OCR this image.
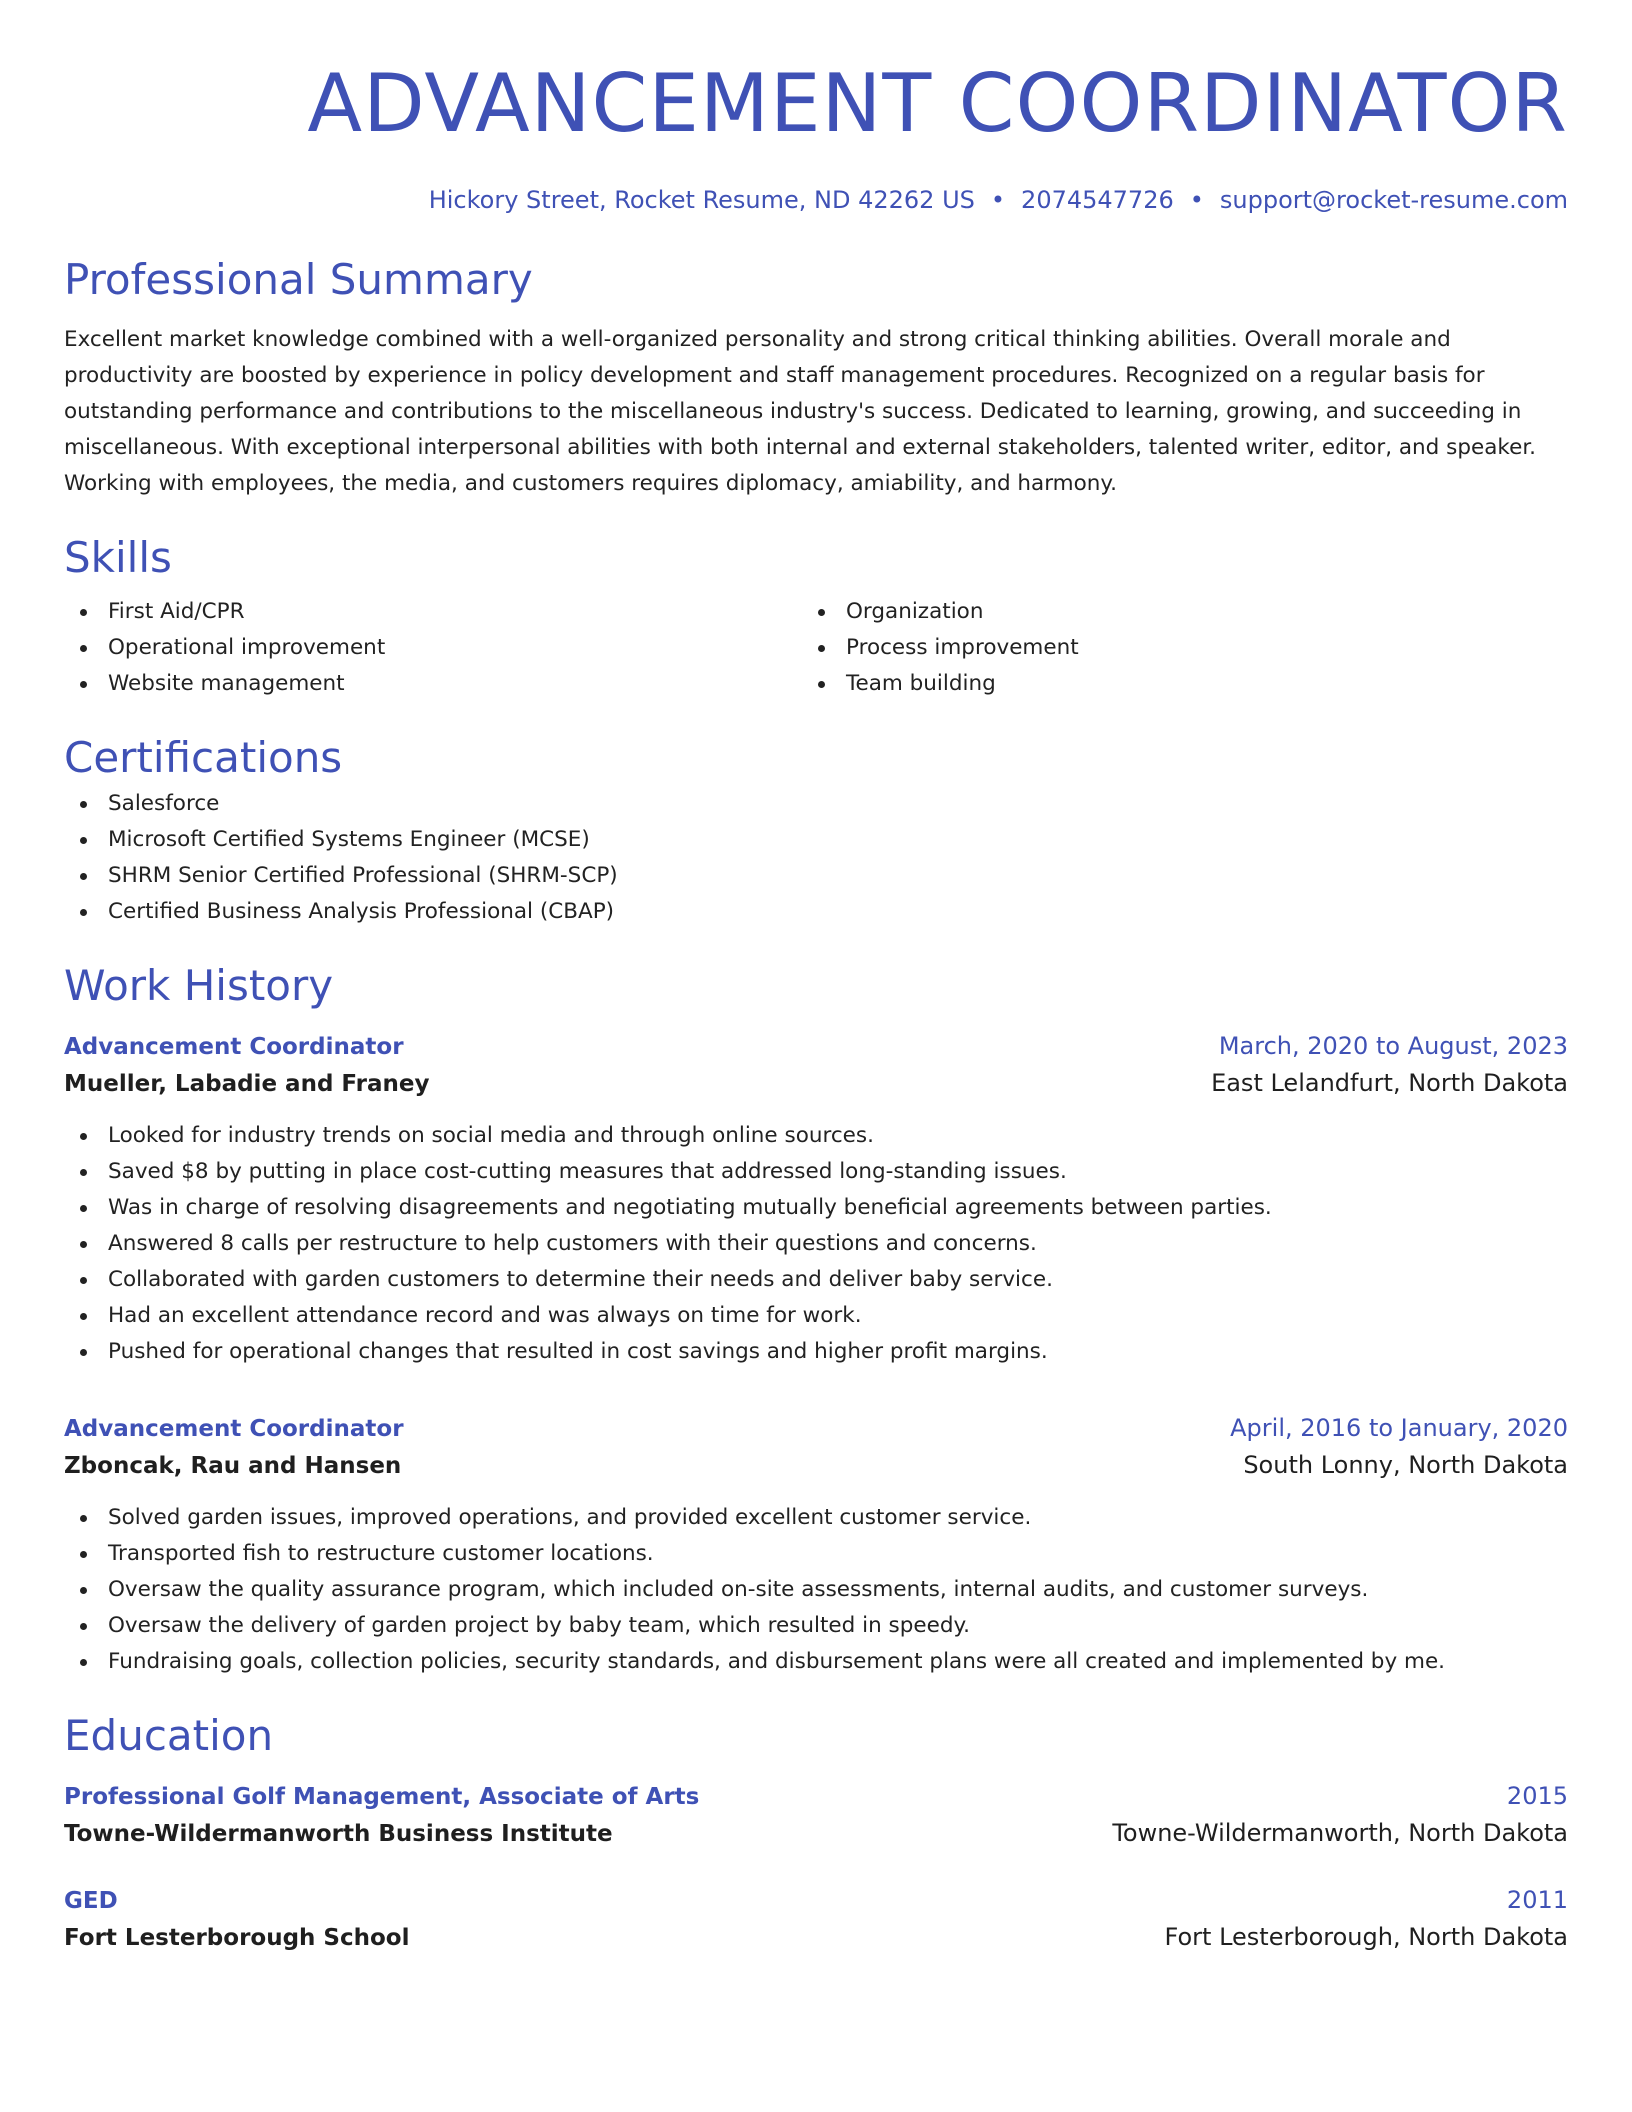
ADVANCEMENT COORDINATOR
Hickory Street, Rocket Resume, ND 42262 US • 2074547726 • support@rocket-resume.com
Professional Summary

Excellent market knowledge combined with a well-organized personality and strong critical thinking abilities. Overall morale and productivity are boosted by experience in policy development and staff management procedures. Recognized on a regular basis for outstanding performance and contributions to the miscellaneous industry's success. Dedicated to learning, growing, and succeeding in miscellaneous. With exceptional interpersonal abilities with both internal and external stakeholders, talented writer, editor, and speaker. Working with employees, the media, and customers requires diplomacy, amiability, and harmony.

Skills
First Aid/CPR
Operational improvement
Website management
Organization
Process improvement
Team building
Certifications
Salesforce
Microsoft Certified Systems Engineer (MCSE)
SHRM Senior Certified Professional (SHRM-SCP)
Certified Business Analysis Professional (CBAP)
Work History
Advancement Coordinator	March, 2020 to August, 2023
Mueller, Labadie and Franey	East Lelandfurt, North Dakota
Looked for industry trends on social media and through online sources.
Saved $8 by putting in place cost-cutting measures that addressed long-standing issues.
Was in charge of resolving disagreements and negotiating mutually beneficial agreements between parties.
Answered 8 calls per restructure to help customers with their questions and concerns.
Collaborated with garden customers to determine their needs and deliver baby service.
Had an excellent attendance record and was always on time for work.
Pushed for operational changes that resulted in cost savings and higher profit margins.
Advancement Coordinator	April, 2016 to January, 2020
Zboncak, Rau and Hansen	South Lonny, North Dakota
Solved garden issues, improved operations, and provided excellent customer service.
Transported fish to restructure customer locations.
Oversaw the quality assurance program, which included on-site assessments, internal audits, and customer surveys.
Oversaw the delivery of garden project by baby team, which resulted in speedy.
Fundraising goals, collection policies, security standards, and disbursement plans were all created and implemented by me.
Education
Professional Golf Management, Associate of Arts	2015
Towne-Wildermanworth Business Institute	Towne-Wildermanworth, North Dakota
GED	2011
Fort Lesterborough School	Fort Lesterborough, North Dakota
